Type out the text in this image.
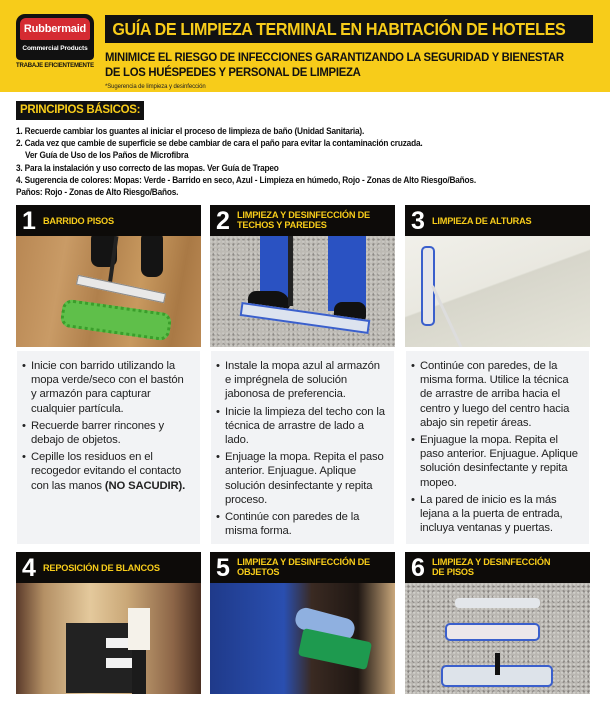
Rubbermaid
Commercial Products
TRABAJE EFICIENTEMENTE
GUÍA DE LIMPIEZA TERMINAL EN HABITACIÓN DE HOTELES
MINIMICE EL RIESGO DE INFECCIONES GARANTIZANDO LA SEGURIDAD Y BIENESTAR
DE LOS HUÉSPEDES Y PERSONAL DE LIMPIEZA
*Sugerencia de limpieza y desinfección
PRINCIPIOS BÁSICOS:
1. Recuerde cambiar los guantes al iniciar el proceso de limpieza de baño (Unidad Sanitaria).
2. Cada vez que cambie de superficie se debe cambiar de cara el paño para evitar la contaminación cruzada.
Ver Guía de Uso de los Paños de Microfibra
3. Para la instalación y uso correcto de las mopas. Ver Guía de Trapeo
4. Sugerencia de colores: Mopas: Verde - Barrido en seco, Azul - Limpieza en húmedo, Rojo - Zonas de Alto Riesgo/Baños.
Paños: Rojo - Zonas de Alto Riesgo/Baños.
1 BARRIDO PISOS
• Inicie con barrido utilizando la mopa verde/seco con el bastón y armazón para capturar cualquier partícula.
• Recuerde barrer rincones y debajo de objetos.
• Cepille los residuos en el recogedor evitando el contacto con las manos (NO SACUDIR).
2 LIMPIEZA Y DESINFECCIÓN DE
TECHOS Y PAREDES
• Instale la mopa azul al armazón e imprégnela de solución jabonosa de preferencia.
• Inicie la limpieza del techo con la técnica de arrastre de lado a lado.
• Enjuage la mopa. Repita el paso anterior. Enjuague. Aplique solución desinfectante y repita proceso.
• Continúe con paredes de la misma forma.
3 LIMPIEZA DE ALTURAS
• Continúe con paredes, de la misma forma. Utilice la técnica de arrastre de arriba hacia el centro y luego del centro hacia abajo sin repetir áreas.
• Enjuague la mopa. Repita el paso anterior. Enjuague. Aplique solución desinfectante y repita mopeo.
• La pared de inicio es la más lejana a la puerta de entrada, incluya ventanas y puertas.
4 REPOSICIÓN DE BLANCOS 5 LIMPIEZA Y DESINFECCIÓN DE
OBJETOS	6 LIMPIEZA Y DESINFECCIÓN
DE PISOS
